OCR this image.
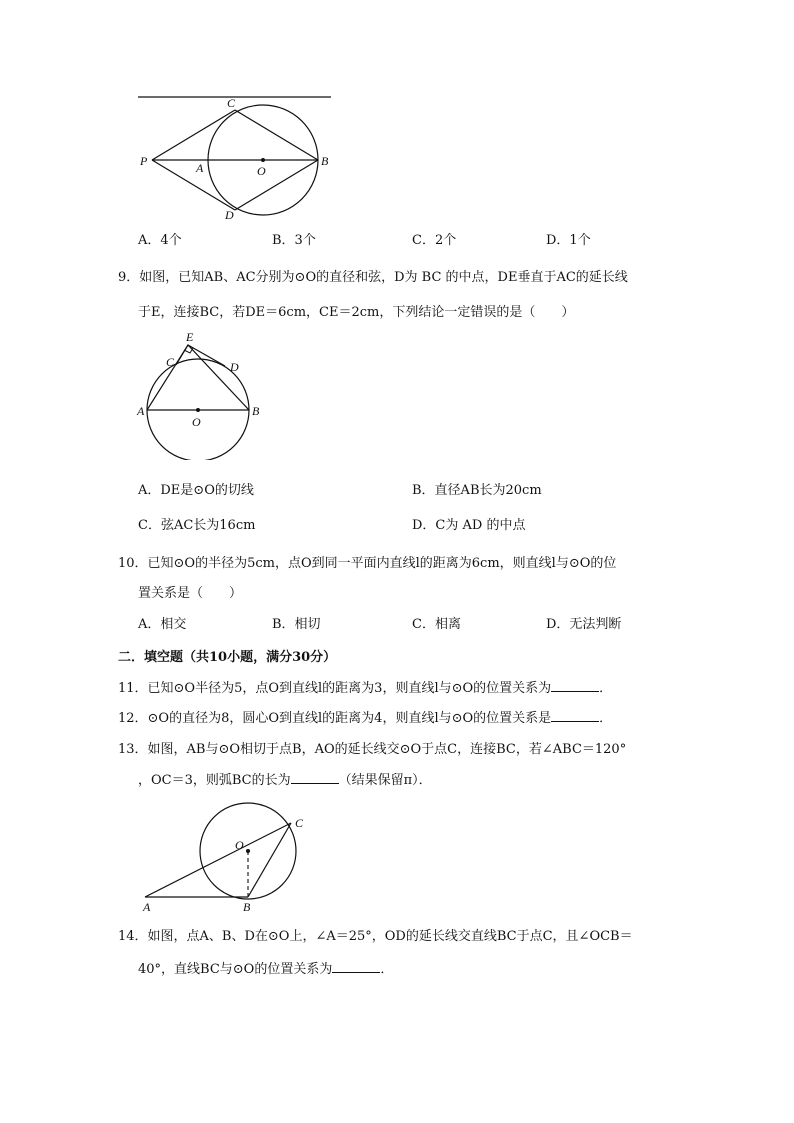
C
P	A	O
B
D
A．4个	B．3个	C．2个	D．1个
9．如图，已知AB、AC分别为⊙O的直径和弦，D为 BC 的中点，DE垂直于AC的延长线
于E，连接BC，若DE＝6cm，CE＝2cm，下列结论一定错误的是（　　）
E
C	D
A
O
B
A．DE是⊙O的切线	B．直径AB长为20cm
C．弦AC长为16cm	D．C为 AD 的中点
10．已知⊙O的半径为5cm，点O到同一平面内直线l的距离为6cm，则直线l与⊙O的位
置关系是（　　）
A．相交	B．相切	C．相离	D．无法判断
二．填空题（共10小题，满分30分）
11．已知⊙O半径为5，点O到直线l的距离为3，则直线l与⊙O的位置关系为	．
12．⊙O的直径为8，圆心O到直线l的距离为4，则直线l与⊙O的位置关系是	．
13．如图，AB与⊙O相切于点B，AO的延长线交⊙O于点C，连接BC，若∠ABC＝120°
，OC＝3，则弧BC的长为	（结果保留π）．
C
O
A	B
14．如图，点A、B、D在⊙O上，∠A＝25°，OD的延长线交直线BC于点C，且∠OCB＝
40°，直线BC与⊙O的位置关系为	．
